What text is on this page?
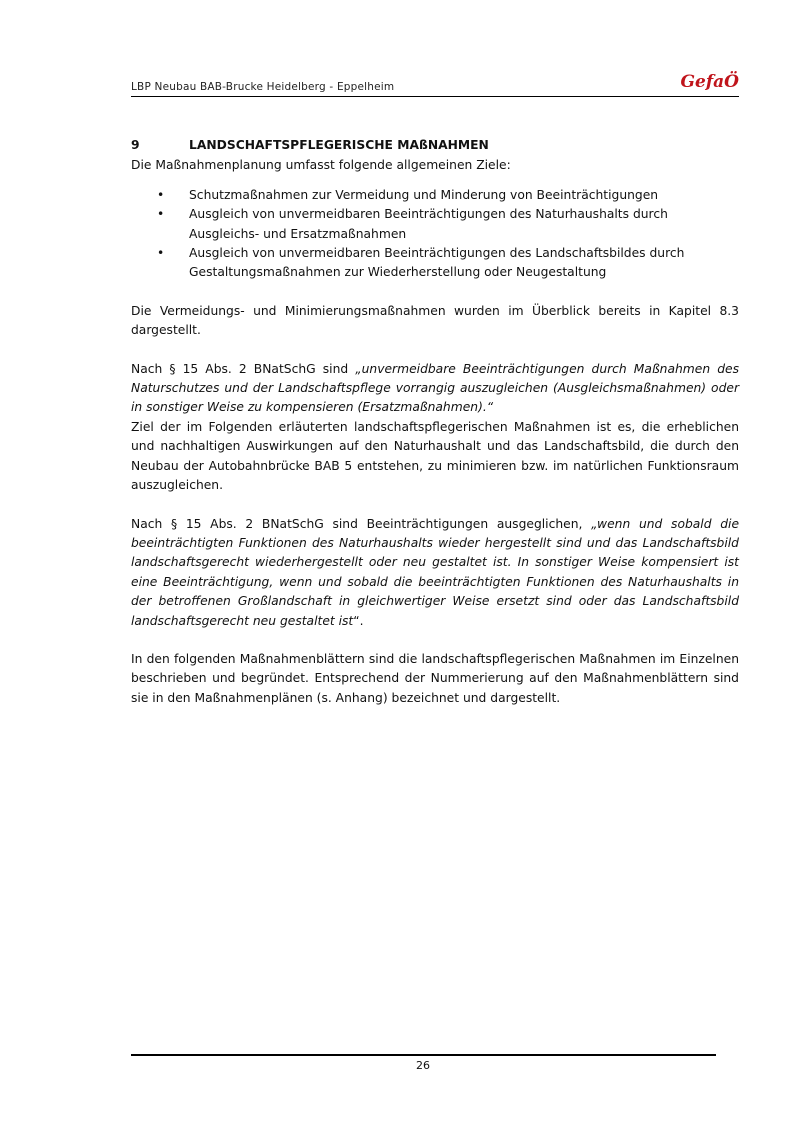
LBP Neubau BAB-Brucke Heidelberg - Eppelheim	GefaÖ
9	LANDSCHAFTSPFLEGERISCHE MAßNAHMEN

Die Maßnahmenplanung umfasst folgende allgemeinen Ziele:

• Schutzmaßnahmen zur Vermeidung und Minderung von Beeinträchtigungen
• Ausgleich von unvermeidbaren Beeinträchtigungen des Naturhaushalts durch Ausgleichs- und Ersatzmaßnahmen
• Ausgleich von unvermeidbaren Beeinträchtigungen des Landschaftsbildes durch Gestaltungsmaßnahmen zur Wiederherstellung oder Neugestaltung

Die Vermeidungs- und Minimierungsmaßnahmen wurden im Überblick bereits in Kapitel 8.3 dargestellt.

Nach § 15 Abs. 2 BNatSchG sind „unvermeidbare Beeinträchtigungen durch Maßnahmen des Naturschutzes und der Landschaftspflege vorrangig auszugleichen (Ausgleichsmaßnahmen) oder in sonstiger Weise zu kompensieren (Ersatzmaßnahmen).“

Ziel der im Folgenden erläuterten landschaftspflegerischen Maßnahmen ist es, die erheblichen und nachhaltigen Auswirkungen auf den Naturhaushalt und das Landschaftsbild, die durch den Neubau der Autobahnbrücke BAB 5 entstehen, zu minimieren bzw. im natürlichen Funktionsraum auszugleichen.

Nach § 15 Abs. 2 BNatSchG sind Beeinträchtigungen ausgeglichen, „wenn und sobald die beeinträchtigten Funktionen des Naturhaushalts wieder hergestellt sind und das Landschaftsbild landschaftsgerecht wiederhergestellt oder neu gestaltet ist. In sonstiger Weise kompensiert ist eine Beeinträchtigung, wenn und sobald die beeinträchtigten Funktionen des Naturhaushalts in der betroffenen Großlandschaft in gleichwertiger Weise ersetzt sind oder das Landschaftsbild landschaftsgerecht neu gestaltet ist“.

In den folgenden Maßnahmenblättern sind die landschaftspflegerischen Maßnahmen im Einzelnen beschrieben und begründet. Entsprechend der Nummerierung auf den Maßnahmenblättern sind sie in den Maßnahmenplänen (s. Anhang) bezeichnet und dargestellt.

26
